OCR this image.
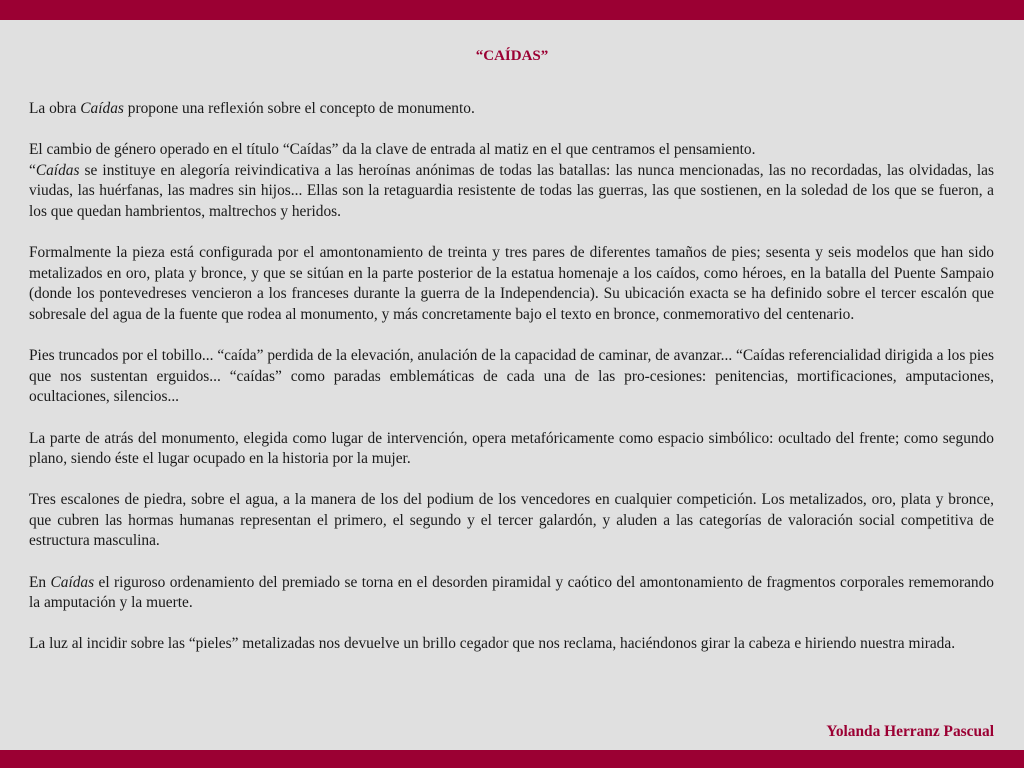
“CAÍDAS”

La obra Caídas propone una reflexión sobre el concepto de monumento.

El cambio de género operado en el título “Caídas” da la clave de entrada al matiz en el que centramos el pensamiento.

“Caídas se instituye en alegoría reivindicativa a las heroínas anónimas de todas las batallas: las nunca mencionadas, las no recordadas, las olvidadas, las viudas, las huérfanas, las madres sin hijos... Ellas son la retaguardia resistente de todas las guerras, las que sostienen, en la soledad de los que se fueron, a los que quedan hambrientos, maltrechos y heridos.

Formalmente la pieza está configurada por el amontonamiento de treinta y tres pares de diferentes tamaños de pies; sesenta y seis modelos que han sido metalizados en oro, plata y bronce, y que se sitúan en la parte posterior de la estatua homenaje a los caídos, como héroes, en la batalla del Puente Sampaio (donde los pontevedreses vencieron a los franceses durante la guerra de la Independencia). Su ubicación exacta se ha definido sobre el tercer escalón que sobresale del agua de la fuente que rodea al monumento, y más concretamente bajo el texto en bronce, conmemorativo del centenario.

Pies truncados por el tobillo... “caída” perdida de la elevación, anulación de la capacidad de caminar, de avanzar... “Caídas referencialidad dirigida a los pies que nos sustentan erguidos... “caídas” como paradas emblemáticas de cada una de las pro-cesiones: penitencias, mortificaciones, amputaciones, ocultaciones, silencios...

La parte de atrás del monumento, elegida como lugar de intervención, opera metafóricamente como espacio simbólico: ocultado del frente; como segundo plano, siendo éste el lugar ocupado en la historia por la mujer.

Tres escalones de piedra, sobre el agua, a la manera de los del podium de los vencedores en cualquier competición. Los metalizados, oro, plata y bronce, que cubren las hormas humanas representan el primero, el segundo y el tercer galardón, y aluden a las categorías de valoración social competitiva de estructura masculina.

En Caídas el riguroso ordenamiento del premiado se torna en el desorden piramidal y caótico del amontonamiento de fragmentos corporales rememorando la amputación y la muerte.

La luz al incidir sobre las “pieles” metalizadas nos devuelve un brillo cegador que nos reclama, haciéndonos girar la cabeza e hiriendo nuestra mirada.

Yolanda Herranz Pascual
